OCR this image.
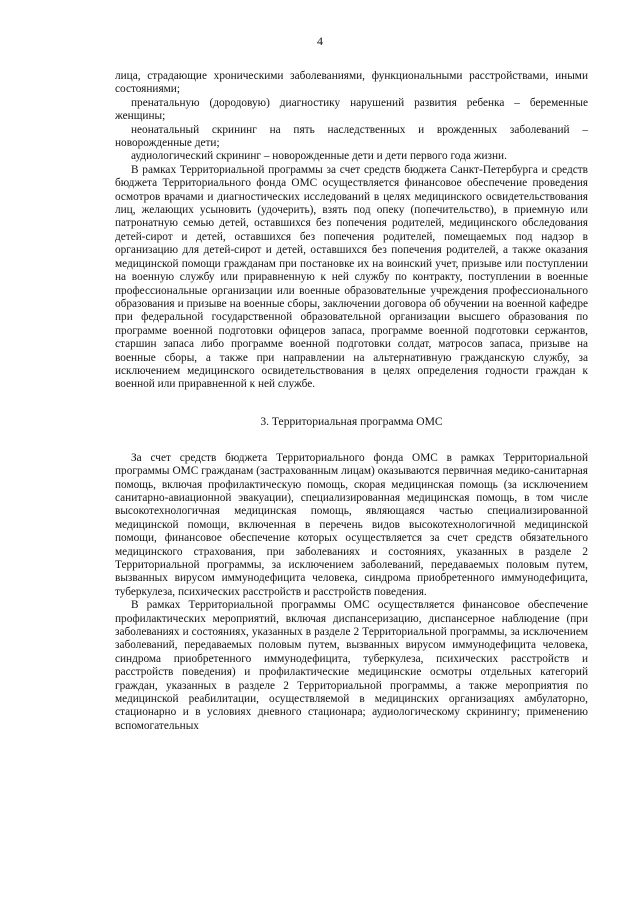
4

лица, страдающие хроническими заболеваниями, функциональными расстройствами, иными состояниями;

пренатальную (дородовую) диагностику нарушений развития ребенка – беременные женщины;

неонатальный скрининг на пять наследственных и врожденных заболеваний – новорожденные дети;

аудиологический скрининг – новорожденные дети и дети первого года жизни.

В рамках Территориальной программы за счет средств бюджета Санкт-Петербурга и средств бюджета Территориального фонда ОМС осуществляется финансовое обеспечение проведения осмотров врачами и диагностических исследований в целях медицинского освидетельствования лиц, желающих усыновить (удочерить), взять под опеку (попечительство), в приемную или патронатную семью детей, оставшихся без попечения родителей, медицинского обследования детей-сирот и детей, оставшихся без попечения родителей, помещаемых под надзор в организацию для детей-сирот и детей, оставшихся без попечения родителей, а также оказания медицинской помощи гражданам при постановке их на воинский учет, призыве или поступлении на военную службу или приравненную к ней службу по контракту, поступлении в военные профессиональные организации или военные образовательные учреждения профессионального образования и призыве на военные сборы, заключении договора об обучении на военной кафедре при федеральной государственной образовательной организации высшего образования по программе военной подготовки офицеров запаса, программе военной подготовки сержантов, старшин запаса либо программе военной подготовки солдат, матросов запаса, призыве на военные сборы, а также при направлении на альтернативную гражданскую службу, за исключением медицинского освидетельствования в целях определения годности граждан к военной или приравненной к ней службе.

3. Территориальная программа ОМС

За счет средств бюджета Территориального фонда ОМС в рамках Территориальной программы ОМС гражданам (застрахованным лицам) оказываются первичная медико-санитарная помощь, включая профилактическую помощь, скорая медицинская помощь (за исключением санитарно-авиационной эвакуации), специализированная медицинская помощь, в том числе высокотехнологичная медицинская помощь, являющаяся частью специализированной медицинской помощи, включенная в перечень видов высокотехнологичной медицинской помощи, финансовое обеспечение которых осуществляется за счет средств обязательного медицинского страхования, при заболеваниях и состояниях, указанных в разделе 2 Территориальной программы, за исключением заболеваний, передаваемых половым путем, вызванных вирусом иммунодефицита человека, синдрома приобретенного иммунодефицита, туберкулеза, психических расстройств и расстройств поведения.

В рамках Территориальной программы ОМС осуществляется финансовое обеспечение профилактических мероприятий, включая диспансеризацию, диспансерное наблюдение (при заболеваниях и состояниях, указанных в разделе 2 Территориальной программы, за исключением заболеваний, передаваемых половым путем, вызванных вирусом иммунодефицита человека, синдрома приобретенного иммунодефицита, туберкулеза, психических расстройств и расстройств поведения) и профилактические медицинские осмотры отдельных категорий граждан, указанных в разделе 2 Территориальной программы, а также мероприятия по медицинской реабилитации, осуществляемой в медицинских организациях амбулаторно, стационарно и в условиях дневного стационара; аудиологическому скринингу; применению вспомогательных
